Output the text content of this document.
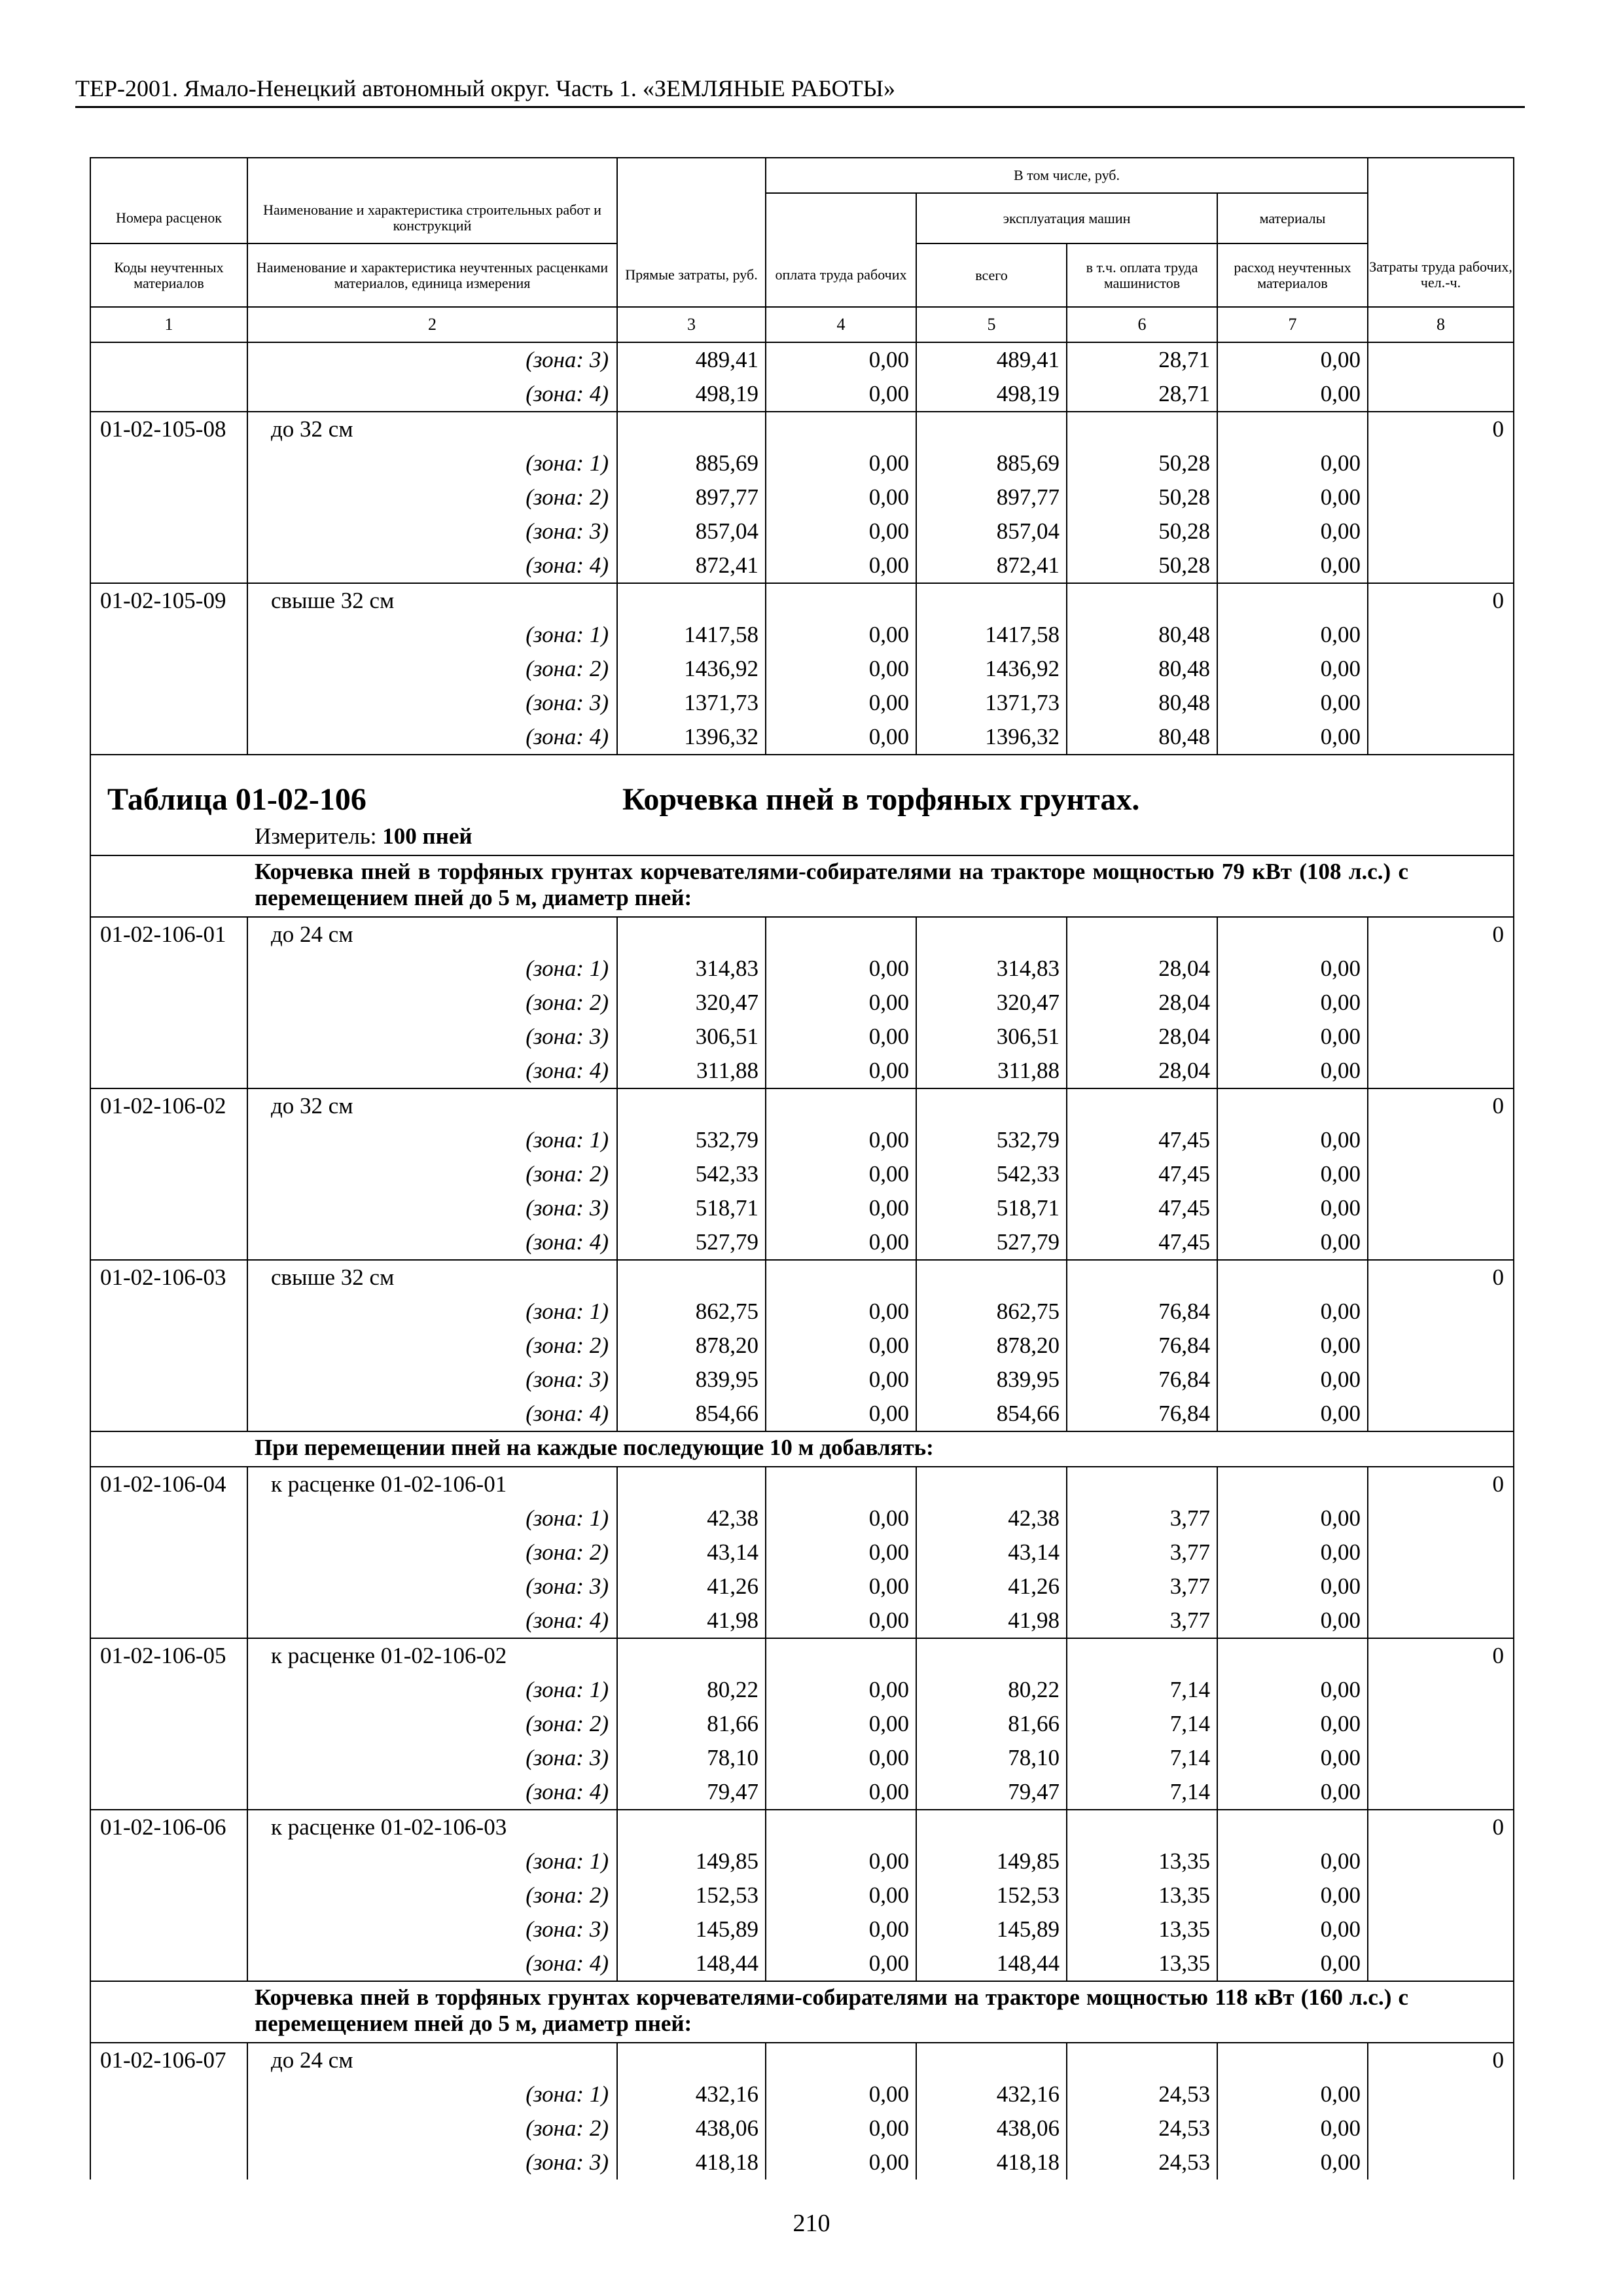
ТЕР-2001. Ямало-Ненецкий автономный округ. Часть 1. «ЗЕМЛЯНЫЕ РАБОТЫ»
			В том числе, руб.				
Номера расценок	Наименование и характеристика строительных работ и конструкций			эксплуатация машин		материалы	
Коды неучтенных материалов	Наименование и характеристика неучтенных расценками материалов, единица измерения	Прямые затраты, руб.	оплата труда рабочих	всего	в т.ч. оплата труда машинистов	расход неучтенных материалов	Затраты труда рабочих, чел.-ч.
1	2	3	4	5	6	7	8
	(зона: 3)	489,41	0,00	489,41	28,71	0,00	
	(зона: 4)	498,19	0,00	498,19	28,71	0,00	
01-02-105-08	до 32 см						0
	(зона: 1)	885,69	0,00	885,69	50,28	0,00	
	(зона: 2)	897,77	0,00	897,77	50,28	0,00	
	(зона: 3)	857,04	0,00	857,04	50,28	0,00	
	(зона: 4)	872,41	0,00	872,41	50,28	0,00	
01-02-105-09	свыше 32 см						0
	(зона: 1)	1417,58	0,00	1417,58	80,48	0,00	
	(зона: 2)	1436,92	0,00	1436,92	80,48	0,00	
	(зона: 3)	1371,73	0,00	1371,73	80,48	0,00	
	(зона: 4)	1396,32	0,00	1396,32	80,48	0,00	

Таблица 01-02-106 Корчевка пней в торфяных грунтах.
Измеритель: 100 пней							

Корчевка пней в торфяных грунтах корчевателями-собирателями на тракторе мощностью 79 кВт (108 л.с.) с перемещением пней до 5 м, диаметр пней:							

01-02-106-01	до 24 см						0
	(зона: 1)	314,83	0,00	314,83	28,04	0,00	
	(зона: 2)	320,47	0,00	320,47	28,04	0,00	
	(зона: 3)	306,51	0,00	306,51	28,04	0,00	
	(зона: 4)	311,88	0,00	311,88	28,04	0,00	
01-02-106-02	до 32 см						0
	(зона: 1)	532,79	0,00	532,79	47,45	0,00	
	(зона: 2)	542,33	0,00	542,33	47,45	0,00	
	(зона: 3)	518,71	0,00	518,71	47,45	0,00	
	(зона: 4)	527,79	0,00	527,79	47,45	0,00	
01-02-106-03	свыше 32 см						0
	(зона: 1)	862,75	0,00	862,75	76,84	0,00	
	(зона: 2)	878,20	0,00	878,20	76,84	0,00	
	(зона: 3)	839,95	0,00	839,95	76,84	0,00	
	(зона: 4)	854,66	0,00	854,66	76,84	0,00	

При перемещении пней на каждые последующие 10 м добавлять:							

01-02-106-04	к расценке 01-02-106-01						0
	(зона: 1)	42,38	0,00	42,38	3,77	0,00	
	(зона: 2)	43,14	0,00	43,14	3,77	0,00	
	(зона: 3)	41,26	0,00	41,26	3,77	0,00	
	(зона: 4)	41,98	0,00	41,98	3,77	0,00	
01-02-106-05	к расценке 01-02-106-02						0
	(зона: 1)	80,22	0,00	80,22	7,14	0,00	
	(зона: 2)	81,66	0,00	81,66	7,14	0,00	
	(зона: 3)	78,10	0,00	78,10	7,14	0,00	
	(зона: 4)	79,47	0,00	79,47	7,14	0,00	
01-02-106-06	к расценке 01-02-106-03						0
	(зона: 1)	149,85	0,00	149,85	13,35	0,00	
	(зона: 2)	152,53	0,00	152,53	13,35	0,00	
	(зона: 3)	145,89	0,00	145,89	13,35	0,00	
	(зона: 4)	148,44	0,00	148,44	13,35	0,00	

Корчевка пней в торфяных грунтах корчевателями-собирателями на тракторе мощностью 118 кВт (160 л.с.) с перемещением пней до 5 м, диаметр пней:							

01-02-106-07	до 24 см						0
	(зона: 1)	432,16	0,00	432,16	24,53	0,00	
	(зона: 2)	438,06	0,00	438,06	24,53	0,00	
	(зона: 3)	418,18	0,00	418,18	24,53	0,00	
210
